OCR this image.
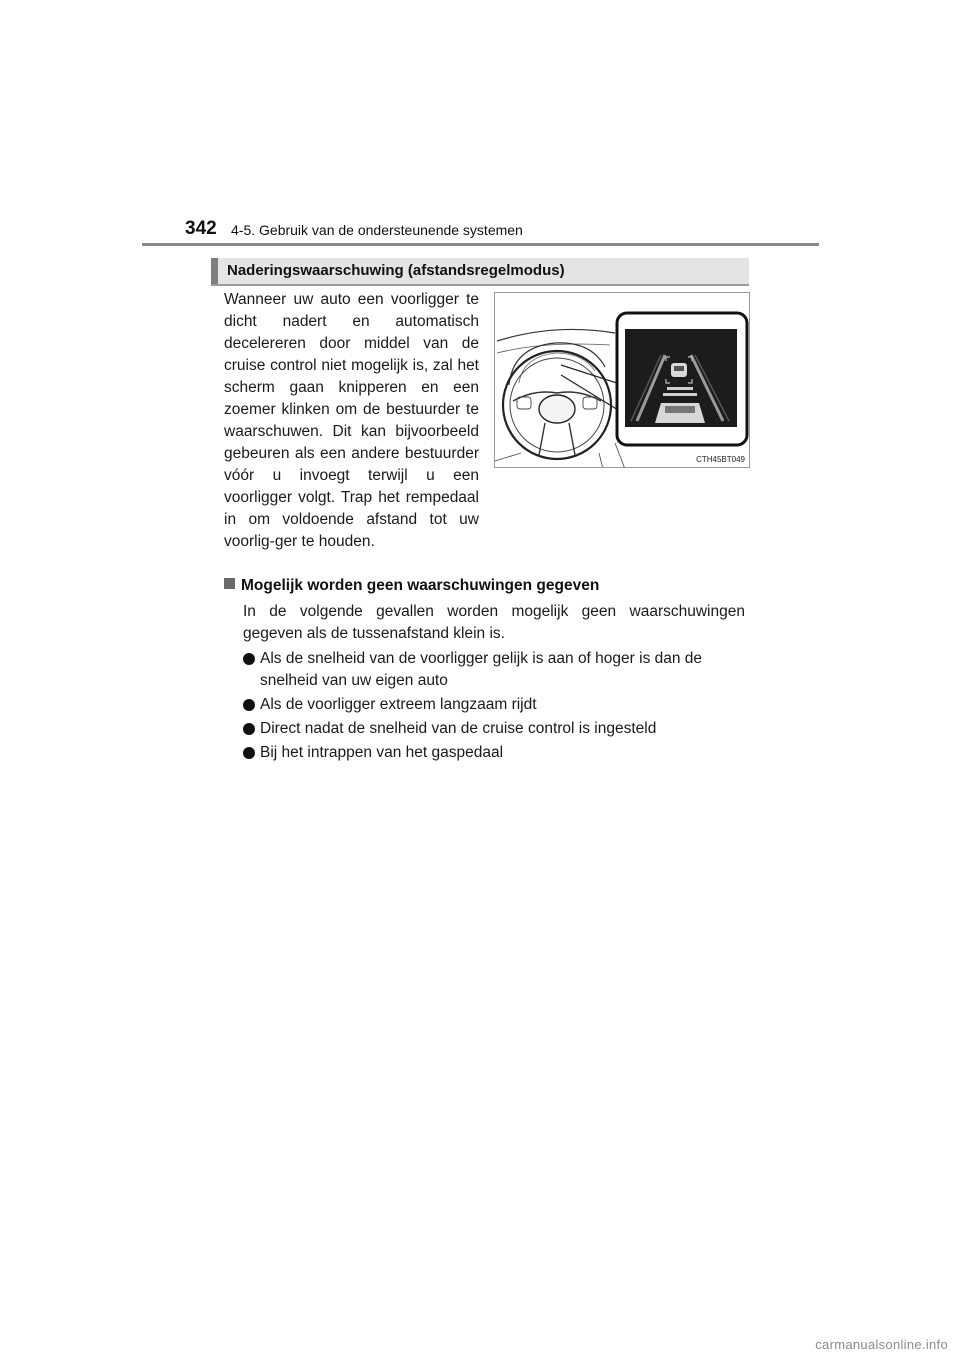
342 4-5. Gebruik van de ondersteunende systemen
Naderingswaarschuwing (afstandsregelmodus)

Wanneer uw auto een voorligger te dicht nadert en automatisch decelereren door middel van de cruise control niet mogelijk is, zal het scherm gaan knipperen en een zoemer klinken om de bestuurder te waarschuwen. Dit kan bijvoorbeeld gebeuren als een andere bestuurder vóór u invoegt terwijl u een voorligger volgt. Trap het rempedaal in om voldoende afstand tot uw voorlig-ger te houden.

CTH45BT049
Mogelijk worden geen waarschuwingen gegeven

In de volgende gevallen worden mogelijk geen waarschuwingen gegeven als de tussenafstand klein is.

Als de snelheid van de voorligger gelijk is aan of hoger is dan de snelheid van uw eigen auto
Als de voorligger extreem langzaam rijdt
Direct nadat de snelheid van de cruise control is ingesteld
Bij het intrappen van het gaspedaal
carmanualsonline.info
